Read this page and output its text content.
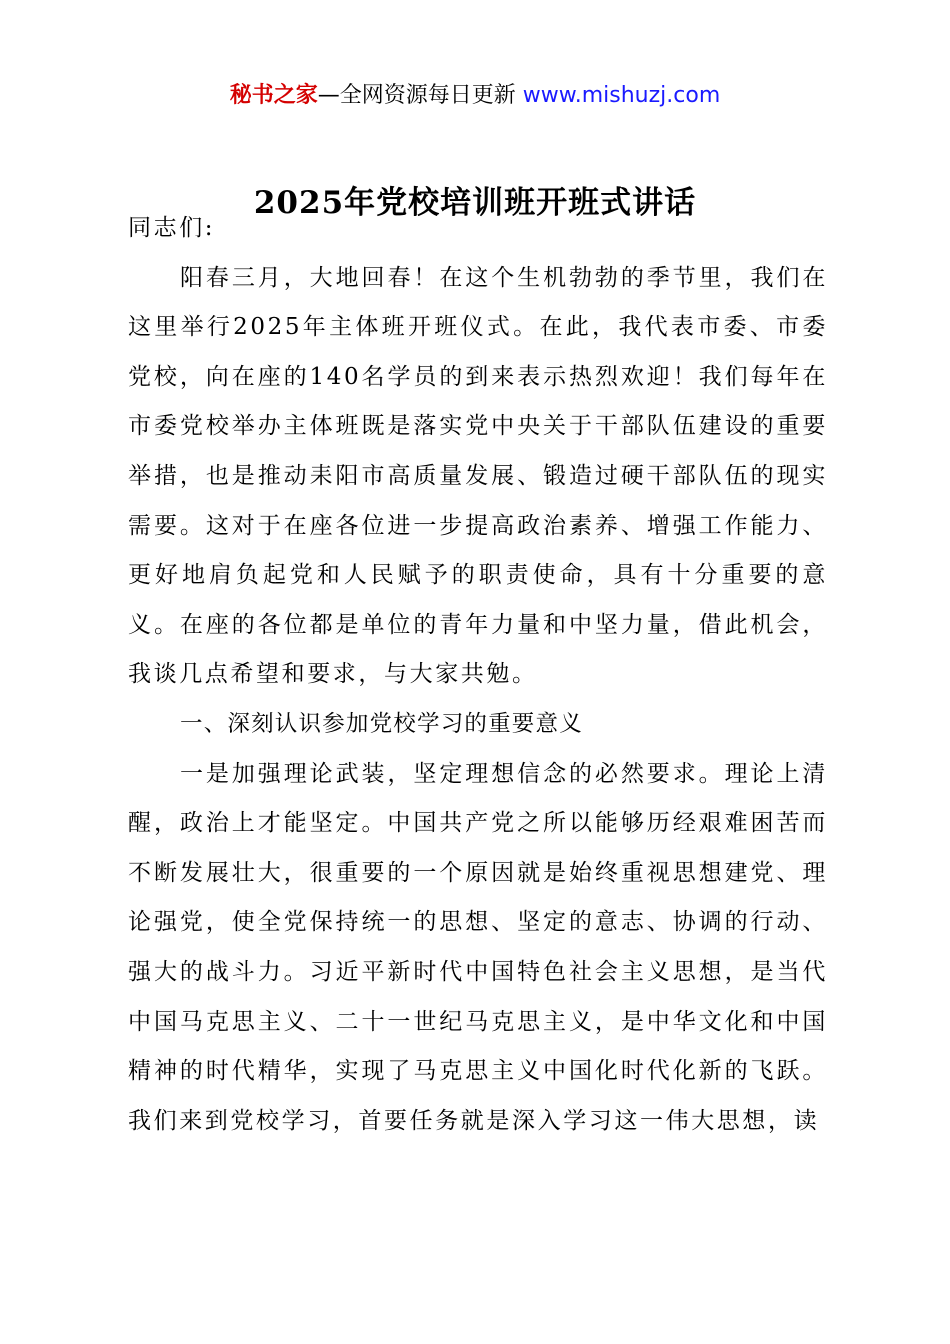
秘书之家—全网资源每日更新 www.mishuzj.com
2025年党校培训班开班式讲话

同志们:

阳春三月，大地回春！在这个生机勃勃的季节里，我们在这里举行2025年主体班开班仪式。在此，我代表市委、市委党校，向在座的140名学员的到来表示热烈欢迎！我们每年在市委党校举办主体班既是落实党中央关于干部队伍建设的重要举措，也是推动耒阳市高质量发展、锻造过硬干部队伍的现实需要。这对于在座各位进一步提高政治素养、增强工作能力、更好地肩负起党和人民赋予的职责使命，具有十分重要的意义。在座的各位都是单位的青年力量和中坚力量，借此机会，我谈几点希望和要求，与大家共勉。

一、深刻认识参加党校学习的重要意义

一是加强理论武装，坚定理想信念的必然要求。理论上清醒，政治上才能坚定。中国共产党之所以能够历经艰难困苦而不断发展壮大，很重要的一个原因就是始终重视思想建党、理论强党，使全党保持统一的思想、坚定的意志、协调的行动、强大的战斗力。习近平新时代中国特色社会主义思想，是当代中国马克思主义、二十一世纪马克思主义，是中华文化和中国精神的时代精华，实现了马克思主义中国化时代化新的飞跃。我们来到党校学习，首要任务就是深入学习这一伟大思想，读
